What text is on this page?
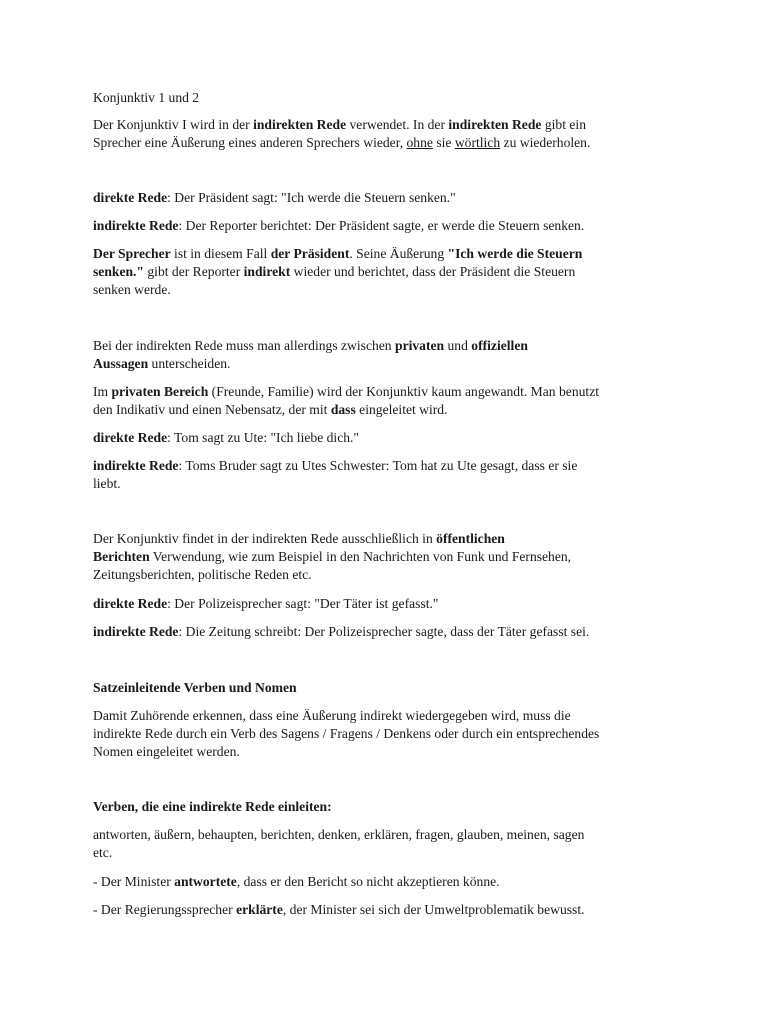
Konjunktiv 1 und 2

Der Konjunktiv I wird in der indirekten Rede verwendet. In der indirekten Rede gibt ein
Sprecher eine Äußerung eines anderen Sprechers wieder, ohne sie wörtlich zu wiederholen.

direkte Rede: Der Präsident sagt: "Ich werde die Steuern senken."

indirekte Rede: Der Reporter berichtet: Der Präsident sagte, er werde die Steuern senken.

Der Sprecher ist in diesem Fall der Präsident. Seine Äußerung "Ich werde die Steuern
senken." gibt der Reporter indirekt wieder und berichtet, dass der Präsident die Steuern
senken werde.

Bei der indirekten Rede muss man allerdings zwischen privaten und offiziellen
Aussagen unterscheiden.

Im privaten Bereich (Freunde, Familie) wird der Konjunktiv kaum angewandt. Man benutzt
den Indikativ und einen Nebensatz, der mit dass eingeleitet wird.

direkte Rede: Tom sagt zu Ute: "Ich liebe dich."

indirekte Rede: Toms Bruder sagt zu Utes Schwester: Tom hat zu Ute gesagt, dass er sie
liebt.

Der Konjunktiv findet in der indirekten Rede ausschließlich in öffentlichen
Berichten Verwendung, wie zum Beispiel in den Nachrichten von Funk und Fernsehen,
Zeitungsberichten, politische Reden etc.

direkte Rede: Der Polizeisprecher sagt: "Der Täter ist gefasst."

indirekte Rede: Die Zeitung schreibt: Der Polizeisprecher sagte, dass der Täter gefasst sei.

Satzeinleitende Verben und Nomen

Damit Zuhörende erkennen, dass eine Äußerung indirekt wiedergegeben wird, muss die
indirekte Rede durch ein Verb des Sagens / Fragens / Denkens oder durch ein entsprechendes
Nomen eingeleitet werden.

Verben, die eine indirekte Rede einleiten:

antworten, äußern, behaupten, berichten, denken, erklären, fragen, glauben, meinen, sagen
etc.

- Der Minister antwortete, dass er den Bericht so nicht akzeptieren könne.

- Der Regierungssprecher erklärte, der Minister sei sich der Umweltproblematik bewusst.
